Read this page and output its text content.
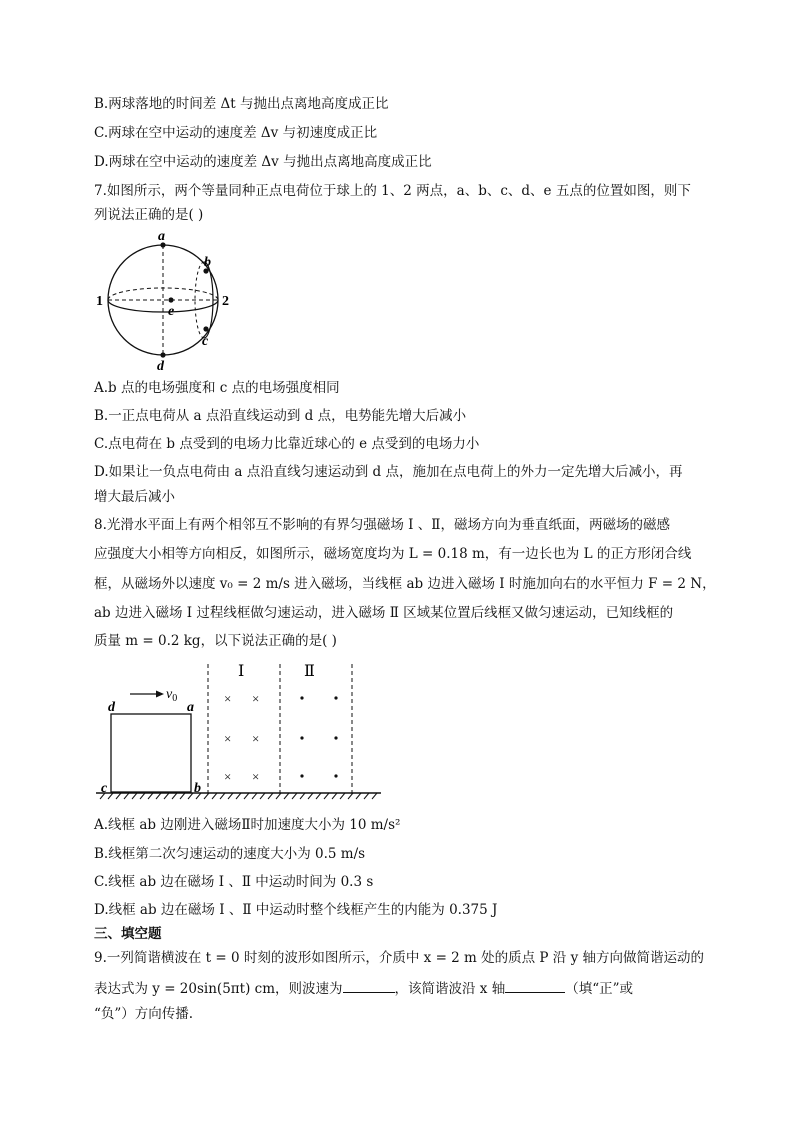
B.两球落地的时间差 Δt 与抛出点离地高度成正比
C.两球在空中运动的速度差 Δv 与初速度成正比
D.两球在空中运动的速度差 Δv 与抛出点离地高度成正比
7.如图所示，两个等量同种正点电荷位于球上的 1、2 两点，a、b、c、d、e 五点的位置如图，则下
列说法正确的是( )
a
b
c
d
e
1	2
A.b 点的电场强度和 c 点的电场强度相同
B.一正点电荷从 a 点沿直线运动到 d 点，电势能先增大后减小
C.点电荷在 b 点受到的电场力比靠近球心的 e 点受到的电场力小
D.如果让一负点电荷由 a 点沿直线匀速运动到 d 点，施加在点电荷上的外力一定先增大后减小，再
增大最后减小
8.光滑水平面上有两个相邻互不影响的有界匀强磁场 Ⅰ 、Ⅱ，磁场方向为垂直纸面，两磁场的磁感
应强度大小相等方向相反，如图所示，磁场宽度均为 L = 0.18 m，有一边长也为 L 的正方形闭合线
框，从磁场外以速度 v₀ = 2 m/s 进入磁场，当线框 ab 边进入磁场 Ⅰ 时施加向右的水平恒力 F = 2 N，
ab 边进入磁场 Ⅰ 过程线框做匀速运动，进入磁场 Ⅱ 区域某位置后线框又做匀速运动，已知线框的
质量 m = 0.2 kg，以下说法正确的是( )
Ⅰ	Ⅱ
× ×
× ×
× ×
d	a
c	b
$v_0$
A.线框 ab 边刚进入磁场Ⅱ时加速度大小为 10 m/s²
B.线框第二次匀速运动的速度大小为 0.5 m/s
C.线框 ab 边在磁场 Ⅰ 、Ⅱ 中运动时间为 0.3 s
D.线框 ab 边在磁场 Ⅰ 、Ⅱ 中运动时整个线框产生的内能为 0.375 J
三、填空题
9.一列简谐横波在 t = 0 时刻的波形如图所示，介质中 x = 2 m 处的质点 P 沿 y 轴方向做简谐运动的
表达式为 y = 20sin(5πt) cm，则波速为	，该简谐波沿 x 轴	（填“正”或
“负”）方向传播.
